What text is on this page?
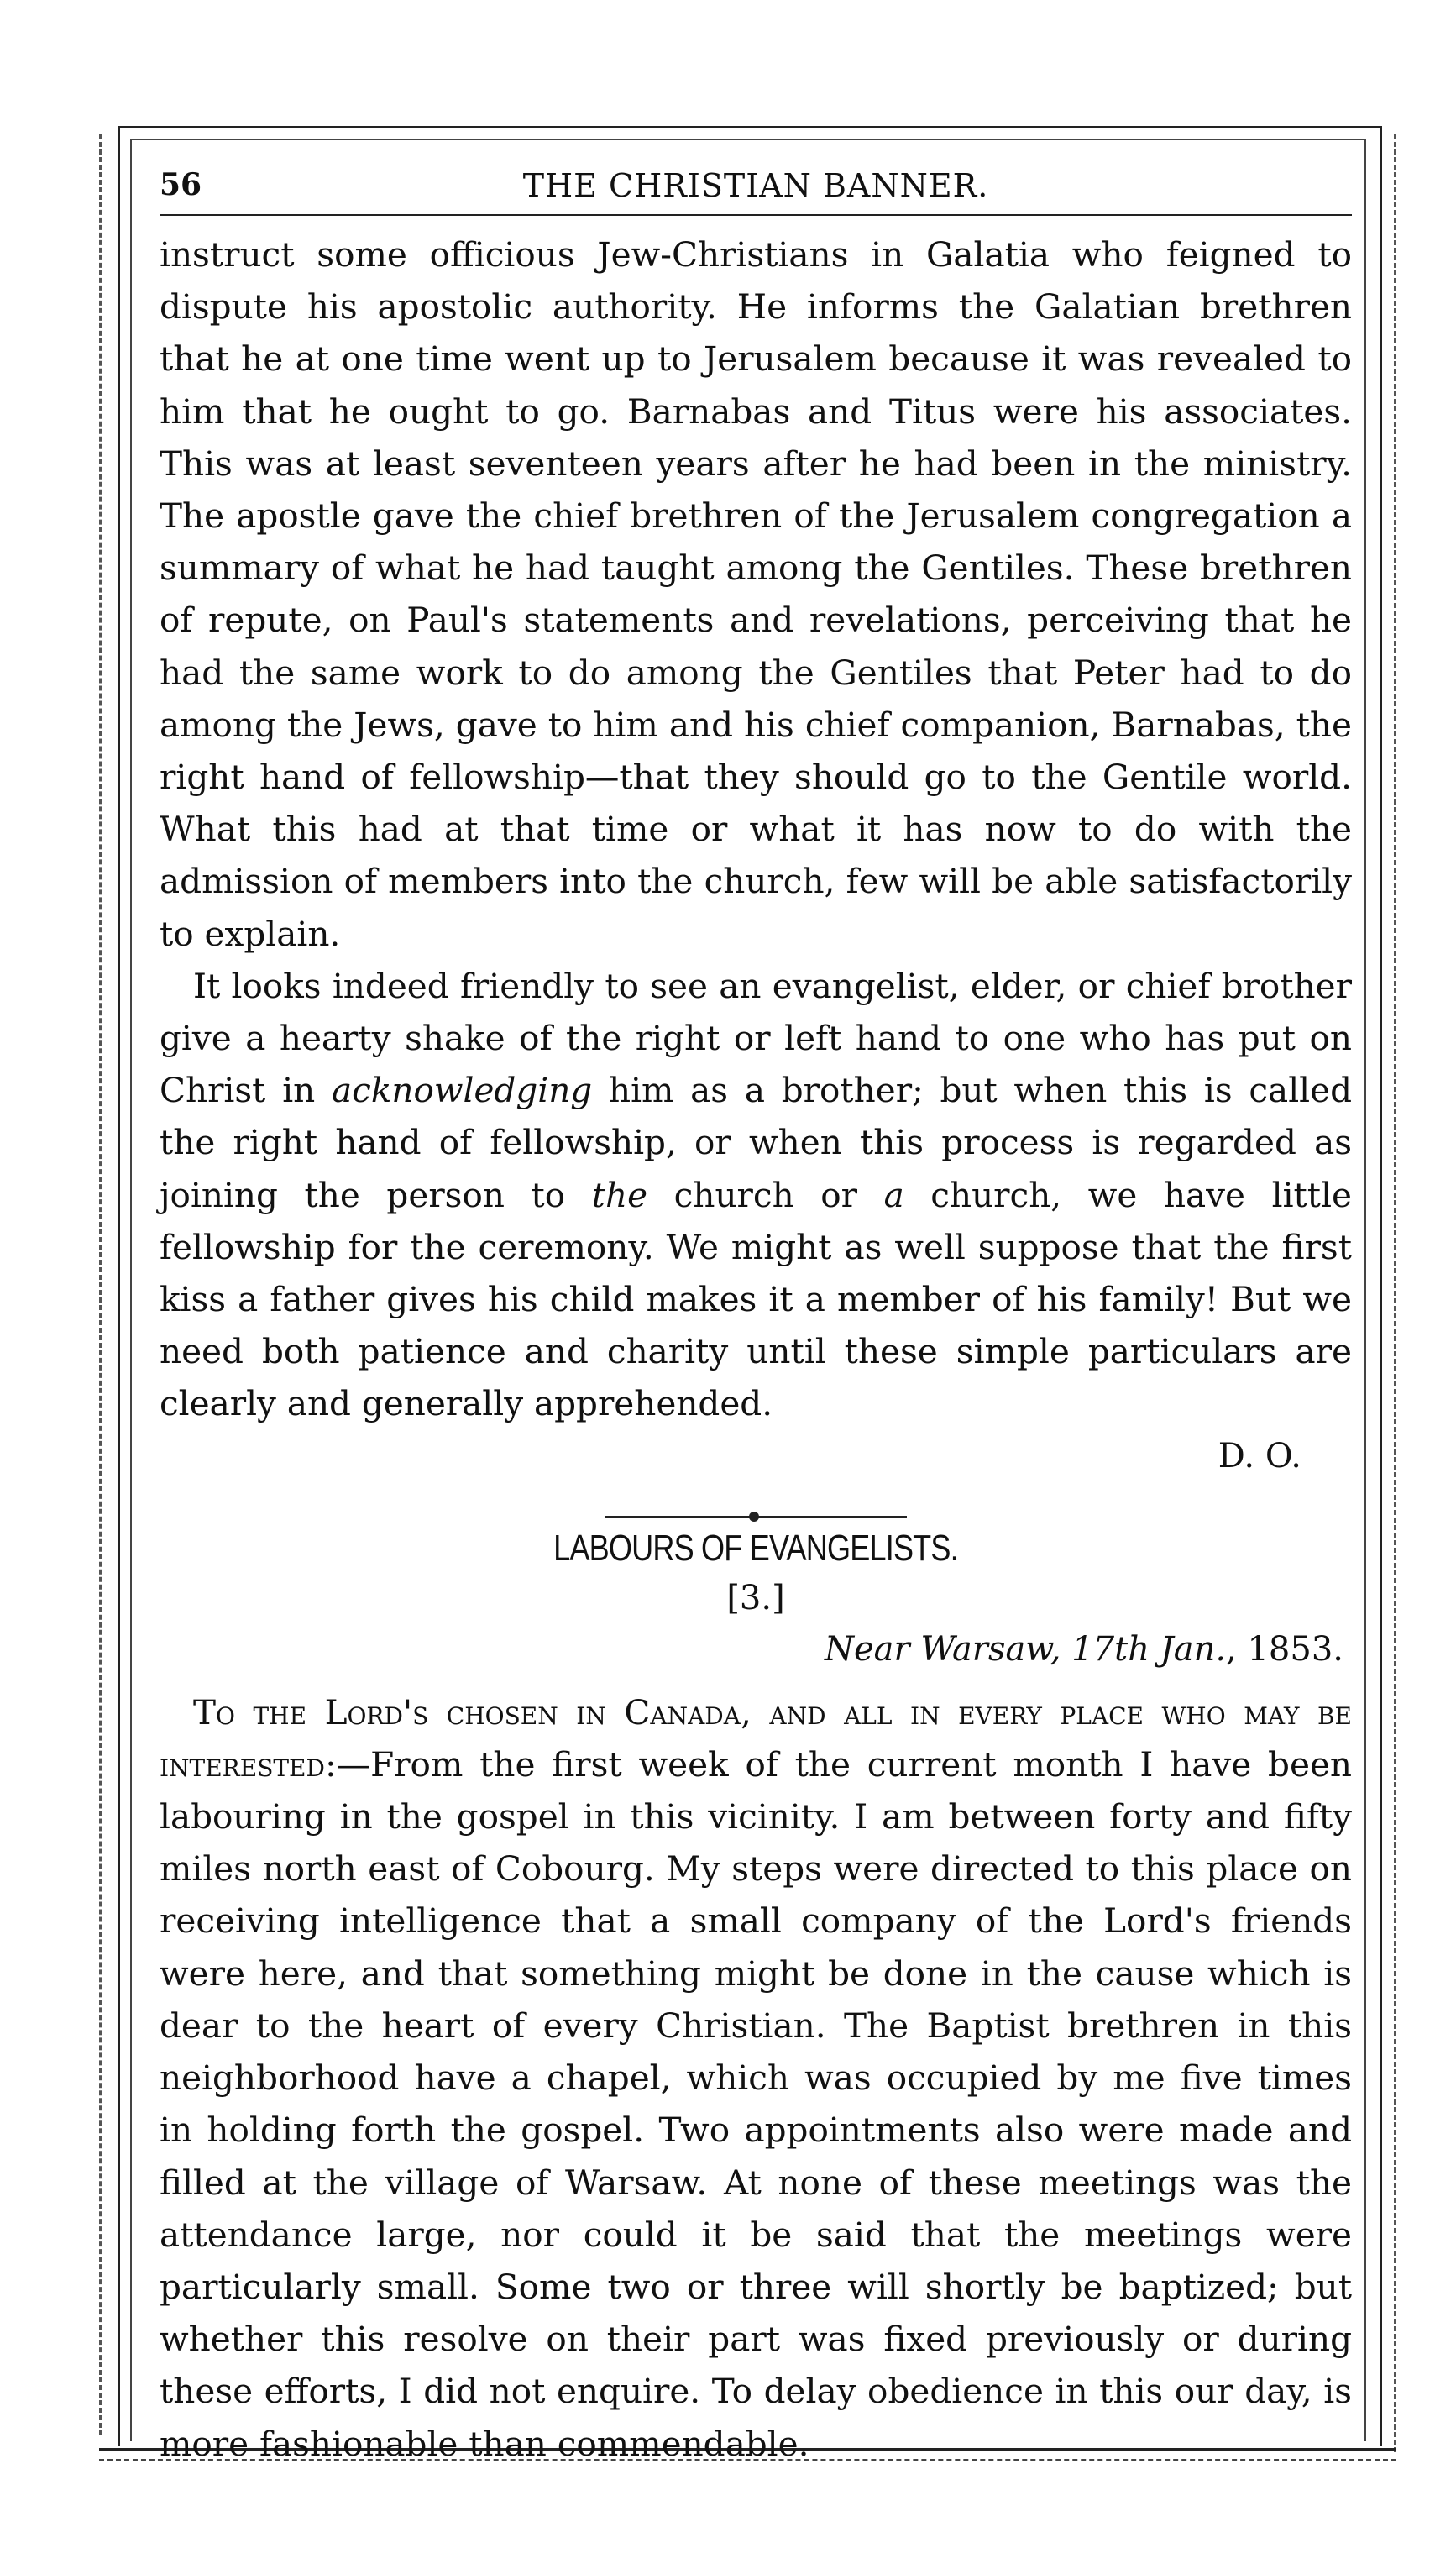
56	THE CHRISTIAN BANNER.

instruct some officious Jew-Christians in Galatia who feigned to dispute his apostolic authority. He informs the Galatian brethren that he at one time went up to Jerusalem because it was revealed to him that he ought to go. Barnabas and Titus were his associates. This was at least seventeen years after he had been in the ministry. The apostle gave the chief brethren of the Jerusalem congregation a summary of what he had taught among the Gentiles. These brethren of repute, on Paul's statements and revelations, perceiving that he had the same work to do among the Gentiles that Peter had to do among the Jews, gave to him and his chief companion, Barnabas, the right hand of fellowship—that they should go to the Gentile world. What this had at that time or what it has now to do with the admission of members into the church, few will be able satisfactorily to explain.

It looks indeed friendly to see an evangelist, elder, or chief brother give a hearty shake of the right or left hand to one who has put on Christ in acknowledging him as a brother; but when this is called the right hand of fellowship, or when this process is regarded as joining the person to the church or a church, we have little fellowship for the ceremony. We might as well suppose that the first kiss a father gives his child makes it a member of his family! But we need both patience and charity until these simple particulars are clearly and generally apprehended.

D. O.

LABOURS OF EVANGELISTS.

[3.]

Near Warsaw, 17th Jan., 1853.

To the Lord's chosen in Canada, and all in every place who may be interested:—From the first week of the current month I have been labouring in the gospel in this vicinity. I am between forty and fifty miles north east of Cobourg. My steps were directed to this place on receiving intelligence that a small company of the Lord's friends were here, and that something might be done in the cause which is dear to the heart of every Christian. The Baptist brethren in this neighborhood have a chapel, which was occupied by me five times in holding forth the gospel. Two appointments also were made and filled at the village of Warsaw. At none of these meetings was the attendance large, nor could it be said that the meetings were particularly small. Some two or three will shortly be baptized; but whether this resolve on their part was fixed previously or during these efforts, I did not enquire. To delay obedience in this our day, is more fashionable than commendable.
